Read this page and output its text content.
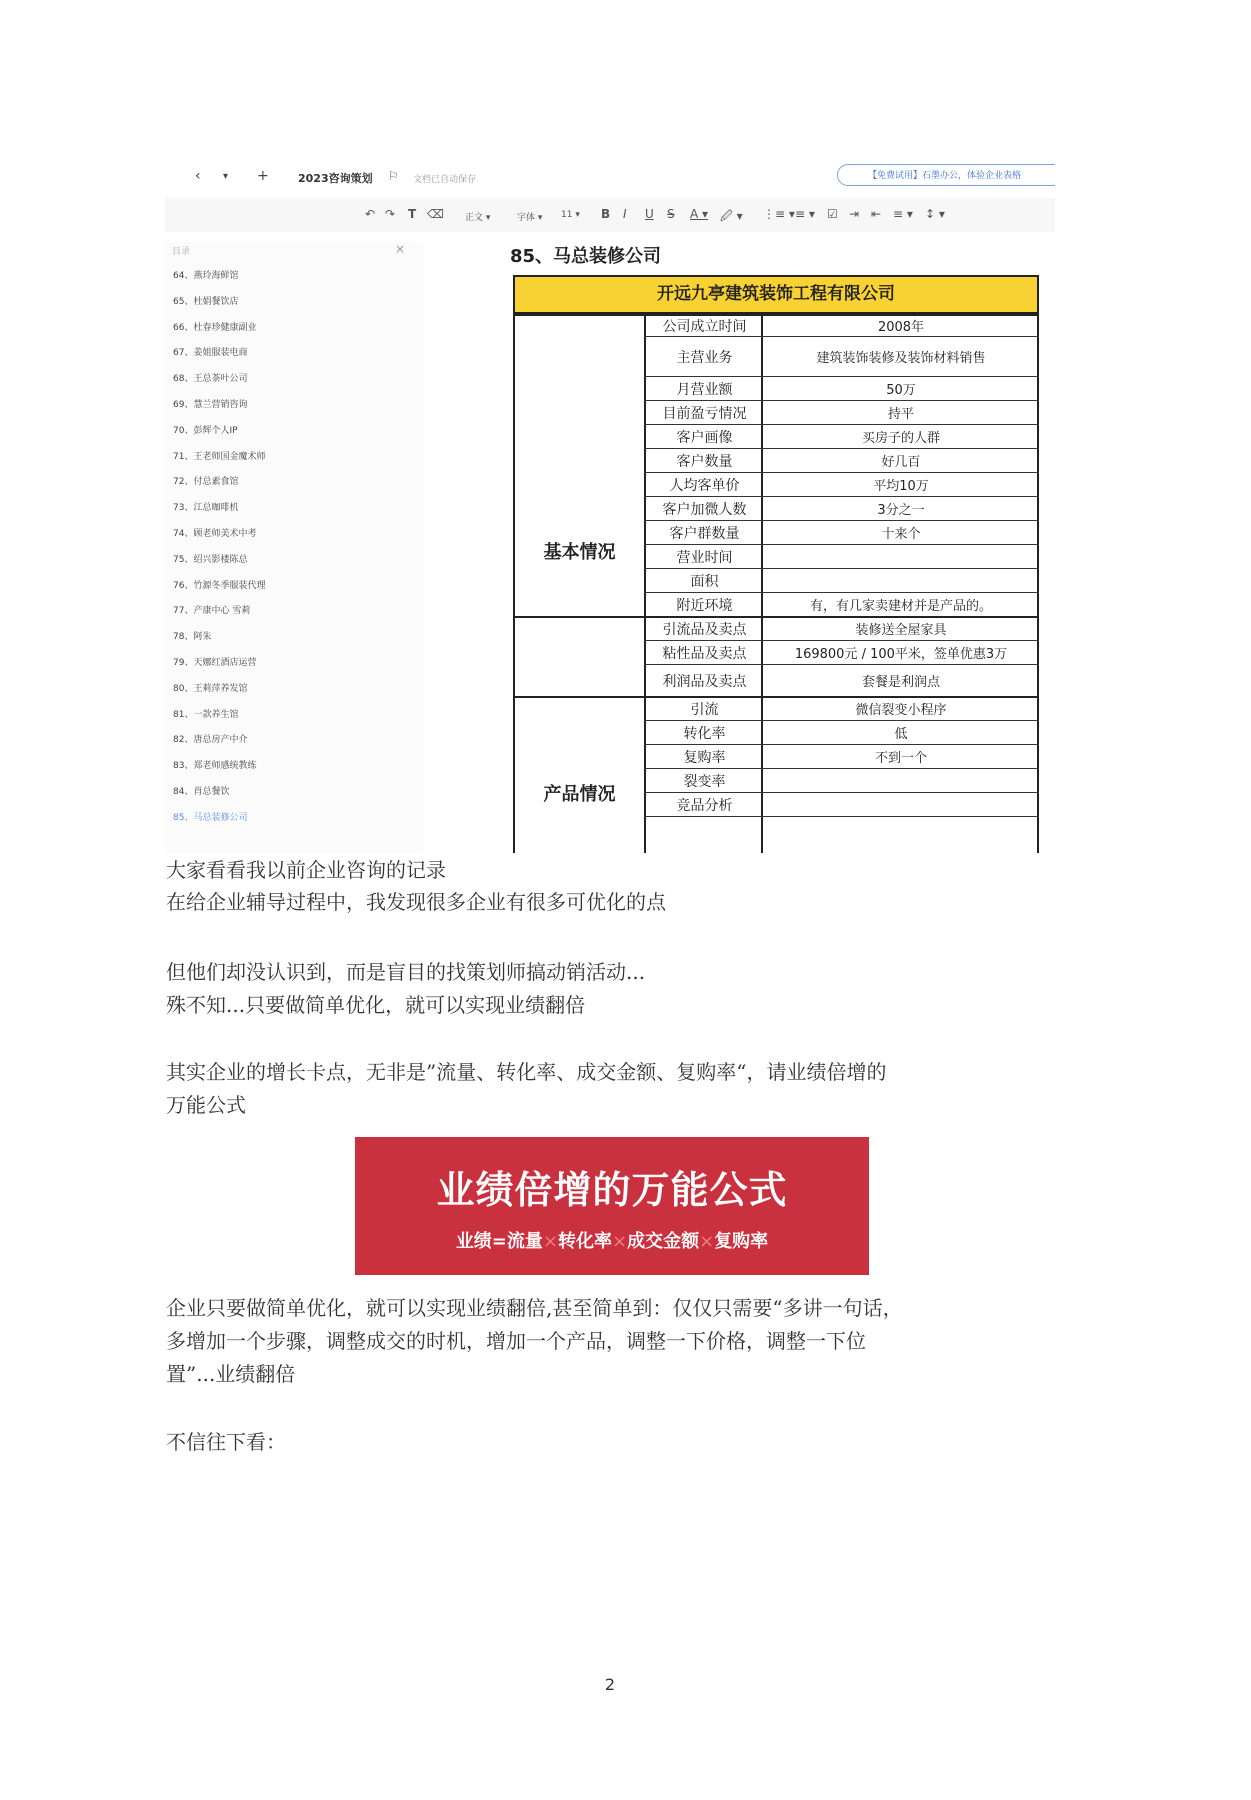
‹ ▾ +	2023咨询策划 ⚐ 文档已自动保存	【免费试用】石墨办公，体验企业表格
↶ ↷ T ⌫ 正文 ▾	字体 ▾ 11 ▾ B I U S A ▾ 🖉 ▾ ⋮≡ ▾ ≡ ▾ ☑ ⇥ ⇤ ≡ ▾ ↕ ▾
目录	×
64、燕玲海鲜馆
65、杜娟餐饮店
66、杜春珍健康副业
67、姜姐服装电商
68、王总茶叶公司
69、慧兰营销咨询
70、彭辉个人IP
71、王老师国金魔术师
72、付总素食馆
73、江总咖啡机
74、顾老师美术中考
75、绍兴影楼陈总
76、竹源冬季服装代理
77、产康中心 雪莉
78、阿朱
79、天娜红酒店运营
80、王莉萍养发馆
81、一款养生馆
82、唐总房产中介
83、郑老师感统教练
84、肖总餐饮
85、马总装修公司
85、马总装修公司
开远九亭建筑装饰工程有限公司
公司成立时间	2008年
主营业务	建筑装饰装修及装饰材料销售
月营业额	50万
目前盈亏情况	持平
客户画像	买房子的人群
客户数量	好几百
人均客单价	平均10万
客户加微人数	3分之一
客户群数量	十来个
营业时间
面积
附近环境	有，有几家卖建材并是产品的。
引流品及卖点	装修送全屋家具
粘性品及卖点	169800元 / 100平米，签单优惠3万
利润品及卖点	套餐是利润点
引流	微信裂变小程序
转化率	低
复购率	不到一个
裂变率
竞品分析
基本情况
产品情况
大家看看我以前企业咨询的记录
在给企业辅导过程中，我发现很多企业有很多可优化的点
但他们却没认识到，而是盲目的找策划师搞动销活动...
殊不知...只要做简单优化，就可以实现业绩翻倍
其实企业的增长卡点，无非是”流量、转化率、成交金额、复购率“，请业绩倍增的
万能公式
业绩倍增的万能公式
业绩=流量×转化率×成交金额×复购率
企业只要做简单优化，就可以实现业绩翻倍,甚至简单到：仅仅只需要“多讲一句话，
多增加一个步骤，调整成交的时机，增加一个产品，调整一下价格，调整一下位
置”...业绩翻倍
不信往下看：
2
